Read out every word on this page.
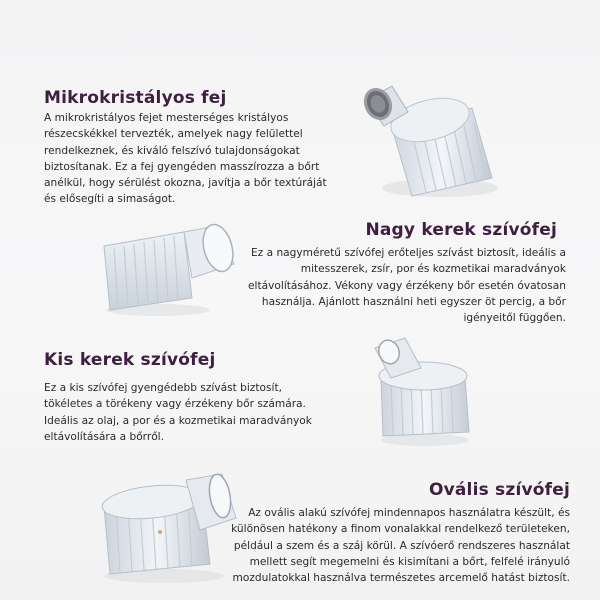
Mikrokristályos fej
A mikrokristályos fejet mesterséges kristályos
részecskékkel tervezték, amelyek nagy felülettel
rendelkeznek, és kiváló felszívó tulajdonságokat
biztosítanak. Ez a fej gyengéden masszírozza a bőrt
anélkül, hogy sérülést okozna, javítja a bőr textúráját
és elősegíti a simaságot.
Nagy kerek szívófej
Ez a nagyméretű szívófej erőteljes szívást biztosít, ideális a
mitesszerek, zsír, por és kozmetikai maradványok
eltávolításához. Vékony vagy érzékeny bőr esetén óvatosan
használja. Ajánlott használni heti egyszer öt percig, a bőr
igényeitől függően.
Kis kerek szívófej
Ez a kis szívófej gyengédebb szívást biztosít,
tökéletes a törékeny vagy érzékeny bőr számára.
Ideális az olaj, a por és a kozmetikai maradványok
eltávolítására a bőrről.
Ovális szívófej
Az ovális alakú szívófej mindennapos használatra készült, és
különösen hatékony a finom vonalakkal rendelkező területeken,
például a szem és a száj körül. A szívóerő rendszeres használat
mellett segít megemelni és kisimítani a bőrt, felfelé irányuló
mozdulatokkal használva természetes arcemelő hatást biztosít.
